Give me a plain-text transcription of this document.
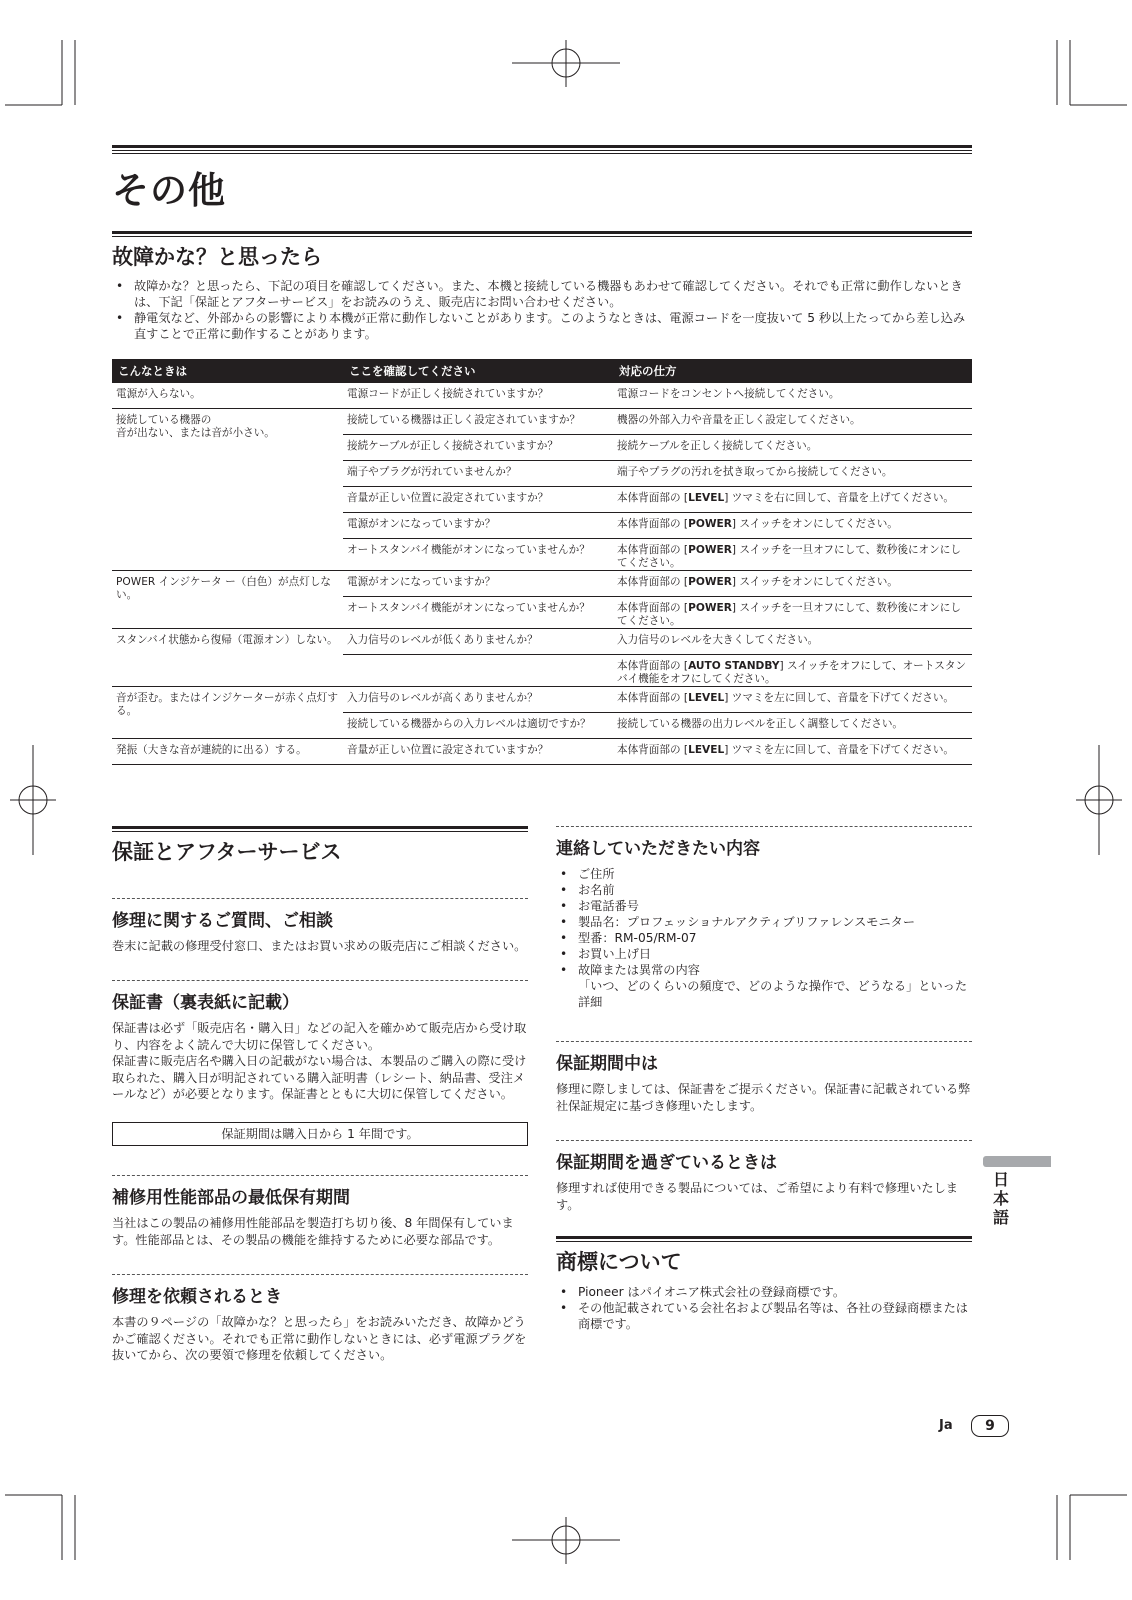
その他
故障かな？と思ったら
• 故障かな？と思ったら、下記の項目を確認してください。また、本機と接続している機器もあわせて確認してください。それでも正常に動作しないときは、下記「保証とアフターサービス」をお読みのうえ、販売店にお問い合わせください。
• 静電気など、外部からの影響により本機が正常に動作しないことがあります。このようなときは、電源コードを一度抜いて 5 秒以上たってから差し込み直すことで正常に動作することがあります。
こんなときは	ここを確認してください	対応の仕方
電源が入らない。	電源コードが正しく接続されていますか？	電源コードをコンセントへ接続してください。
接続している機器の
音が出ない、または音が小さい。	接続している機器は正しく設定されていますか？	機器の外部入力や音量を正しく設定してください。
	接続ケーブルが正しく接続されていますか？	接続ケーブルを正しく接続してください。
	端子やプラグが汚れていませんか？	端子やプラグの汚れを拭き取ってから接続してください。
	音量が正しい位置に設定されていますか？	本体背面部の [LEVEL] ツマミを右に回して、音量を上げてください。
	電源がオンになっていますか？	本体背面部の [POWER] スイッチをオンにしてください。
	オートスタンバイ機能がオンになっていませんか？	本体背面部の [POWER] スイッチを一旦オフにして、数秒後にオンにしてください。
POWER インジケータ ー（白色）が点灯しない。	電源がオンになっていますか？	本体背面部の [POWER] スイッチをオンにしてください。
	オートスタンバイ機能がオンになっていませんか？	本体背面部の [POWER] スイッチを一旦オフにして、数秒後にオンにしてください。
スタンバイ状態から復帰（電源オン）しない。	入力信号のレベルが低くありませんか？	入力信号のレベルを大きくしてください。
		本体背面部の [AUTO STANDBY] スイッチをオフにして、オートスタンバイ機能をオフにしてください。
音が歪む。またはインジケーターが赤く点灯する。	入力信号のレベルが高くありませんか？	本体背面部の [LEVEL] ツマミを左に回して、音量を下げてください。
	接続している機器からの入力レベルは適切ですか？	接続している機器の出力レベルを正しく調整してください。
発振（大きな音が連続的に出る）する。	音量が正しい位置に設定されていますか？	本体背面部の [LEVEL] ツマミを左に回して、音量を下げてください。
保証とアフターサービス
修理に関するご質問、ご相談

巻末に記載の修理受付窓口、またはお買い求めの販売店にご相談ください。

保証書（裏表紙に記載）

保証書は必ず「販売店名・購入日」などの記入を確かめて販売店から受け取り、内容をよく読んで大切に保管してください。
保証書に販売店名や購入日の記載がない場合は、本製品のご購入の際に受け取られた、購入日が明記されている購入証明書（レシート、納品書、受注メールなど）が必要となります。保証書とともに大切に保管してください。

保証期間は購入日から 1 年間です。
補修用性能部品の最低保有期間

当社はこの製品の補修用性能部品を製造打ち切り後、8 年間保有しています。性能部品とは、その製品の機能を維持するために必要な部品です。

修理を依頼されるとき

本書の９ページの「故障かな？と思ったら」をお読みいただき、故障かどうかご確認ください。それでも正常に動作しないときには、必ず電源プラグを抜いてから、次の要領で修理を依頼してください。

連絡していただきたい内容
• ご住所
• お名前
• お電話番号
• 製品名：プロフェッショナルアクティブリファレンスモニター
• 型番：RM-05/RM-07
• お買い上げ日
• 故障または異常の内容
「いつ、どのくらいの頻度で、どのような操作で、どうなる」といった詳細
保証期間中は

修理に際しましては、保証書をご提示ください。保証書に記載されている弊社保証規定に基づき修理いたします。

保証期間を過ぎているときは

修理すれば使用できる製品については、ご希望により有料で修理いたします。

商標について
• Pioneer はパイオニア株式会社の登録商標です。
• その他記載されている会社名および製品名等は、各社の登録商標または商標です。
日
本
語
Ja	9
